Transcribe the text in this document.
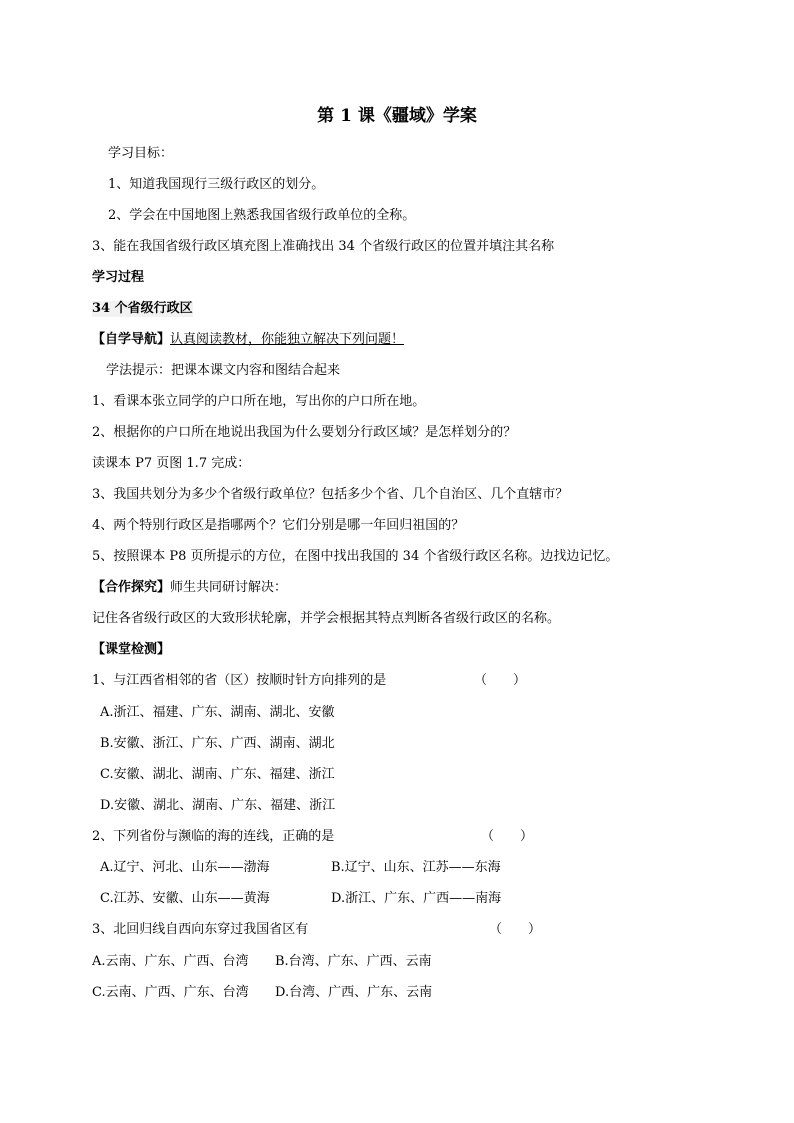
第 1 课《疆域》学案
学习目标：
1、知道我国现行三级行政区的划分。
2、学会在中国地图上熟悉我国省级行政单位的全称。
3、能在我国省级行政区填充图上准确找出 34 个省级行政区的位置并填注其名称
学习过程
34 个省级行政区
【自学导航】认真阅读教材，你能独立解决下列问题！
学法提示：把课本课文内容和图结合起来
1、看课本张立同学的户口所在地，写出你的户口所在地。
2、根据你的户口所在地说出我国为什么要划分行政区域？是怎样划分的？
读课本 P7 页图 1.7 完成：
3、我国共划分为多少个省级行政单位？包括多少个省、几个自治区、几个直辖市？
4、两个特别行政区是指哪两个？它们分别是哪一年回归祖国的？
5、按照课本 P8 页所提示的方位，在图中找出我国的 34 个省级行政区名称。边找边记忆。
【合作探究】师生共同研讨解决：
记住各省级行政区的大致形状轮廓，并学会根据其特点判断各省级行政区的名称。
【课堂检测】
1、与江西省相邻的省（区）按顺时针方向排列的是	（　　）
A.浙江、福建、广东、湖南、湖北、安徽
B.安徽、浙江、广东、广西、湖南、湖北
C.安徽、湖北、湖南、广东、福建、浙江
D.安徽、湖北、湖南、广东、福建、浙江
2、下列省份与濒临的海的连线，正确的是	（　　）
A.辽宁、河北、山东——渤海	B.辽宁、山东、江苏——东海
C.江苏、安徽、山东——黄海	D.浙江、广东、广西——南海
3、北回归线自西向东穿过我国省区有	（　　）
A.云南、广东、广西、台湾 B.台湾、广东、广西、云南
C.云南、广西、广东、台湾 D.台湾、广西、广东、云南
